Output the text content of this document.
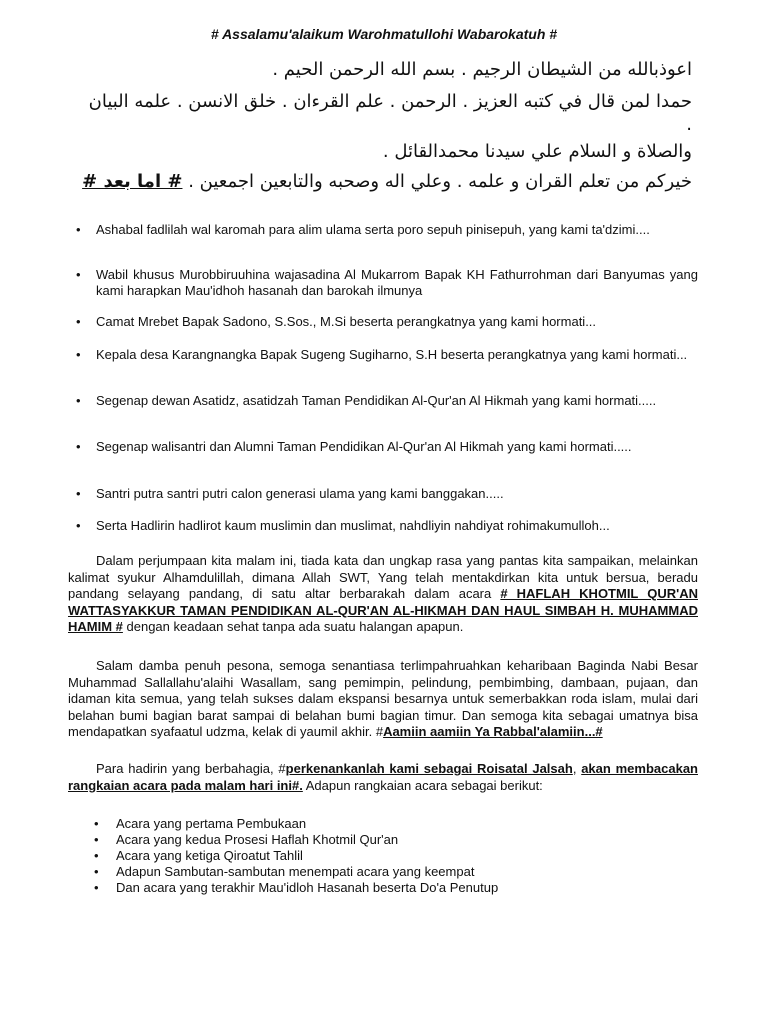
# Assalamu'alaikum Warohmatullohi Wabarokatuh #
اعوذبالله من الشيطان الرجيم . بسم الله الرحمن الحيم .
حمدا لمن قال في كتبه العزيز . الرحمن . علم القرءان . خلق الانسن . علمه البيان .
والصلاة و السلام علي سيدنا محمدالقائل .
خيركم من تعلم القران و علمه . وعلي اله وصحبه والتابعين اجمعين . # اما بعد #
• Ashabal fadlilah wal karomah para alim ulama serta poro sepuh pinisepuh, yang kami ta'dzimi....
• Wabil khusus Murobbiruuhina wajasadina Al Mukarrom Bapak KH Fathurrohman dari Banyumas yang kami harapkan Mau'idhoh hasanah dan barokah ilmunya
• Camat Mrebet Bapak Sadono, S.Sos., M.Si beserta perangkatnya yang kami hormati...
• Kepala desa Karangnangka Bapak Sugeng Sugiharno, S.H beserta perangkatnya yang kami hormati...
• Segenap dewan Asatidz, asatidzah Taman Pendidikan Al-Qur'an Al Hikmah yang kami hormati.....
• Segenap walisantri dan Alumni Taman Pendidikan Al-Qur'an Al Hikmah yang kami hormati.....
• Santri putra santri putri calon generasi ulama yang kami banggakan.....
• Serta Hadlirin hadlirot kaum muslimin dan muslimat, nahdliyin nahdiyat rohimakumulloh...
Dalam perjumpaan kita malam ini, tiada kata dan ungkap rasa yang pantas kita sampaikan, melainkan kalimat syukur Alhamdulillah, dimana Allah SWT, Yang telah mentakdirkan kita untuk bersua, beradu pandang selayang pandang, di satu altar berbarakah dalam acara # HAFLAH KHOTMIL QUR'AN WATTASYAKKUR TAMAN PENDIDIKAN AL-QUR'AN AL-HIKMAH DAN HAUL SIMBAH H. MUHAMMAD HAMIM # dengan keadaan sehat tanpa ada suatu halangan apapun.
Salam damba penuh pesona, semoga senantiasa terlimpahruahkan keharibaan Baginda Nabi Besar Muhammad Sallallahu'alaihi Wasallam, sang pemimpin, pelindung, pembimbing, dambaan, pujaan, dan idaman kita semua, yang telah sukses dalam ekspansi besarnya untuk semerbakkan roda islam, mulai dari belahan bumi bagian barat sampai di belahan bumi bagian timur. Dan semoga kita sebagai umatnya bisa mendapatkan syafaatul udzma, kelak di yaumil akhir. #Aamiin aamiin Ya Rabbal'alamiin...#
Para hadirin yang berbahagia, #perkenankanlah kami sebagai Roisatal Jalsah, akan membacakan rangkaian acara pada malam hari ini#. Adapun rangkaian acara sebagai berikut:
• Acara yang pertama Pembukaan
• Acara yang kedua Prosesi Haflah Khotmil Qur'an
• Acara yang ketiga Qiroatut Tahlil
• Adapun Sambutan-sambutan menempati acara yang keempat
• Dan acara yang terakhir Mau'idloh Hasanah beserta Do'a Penutup
